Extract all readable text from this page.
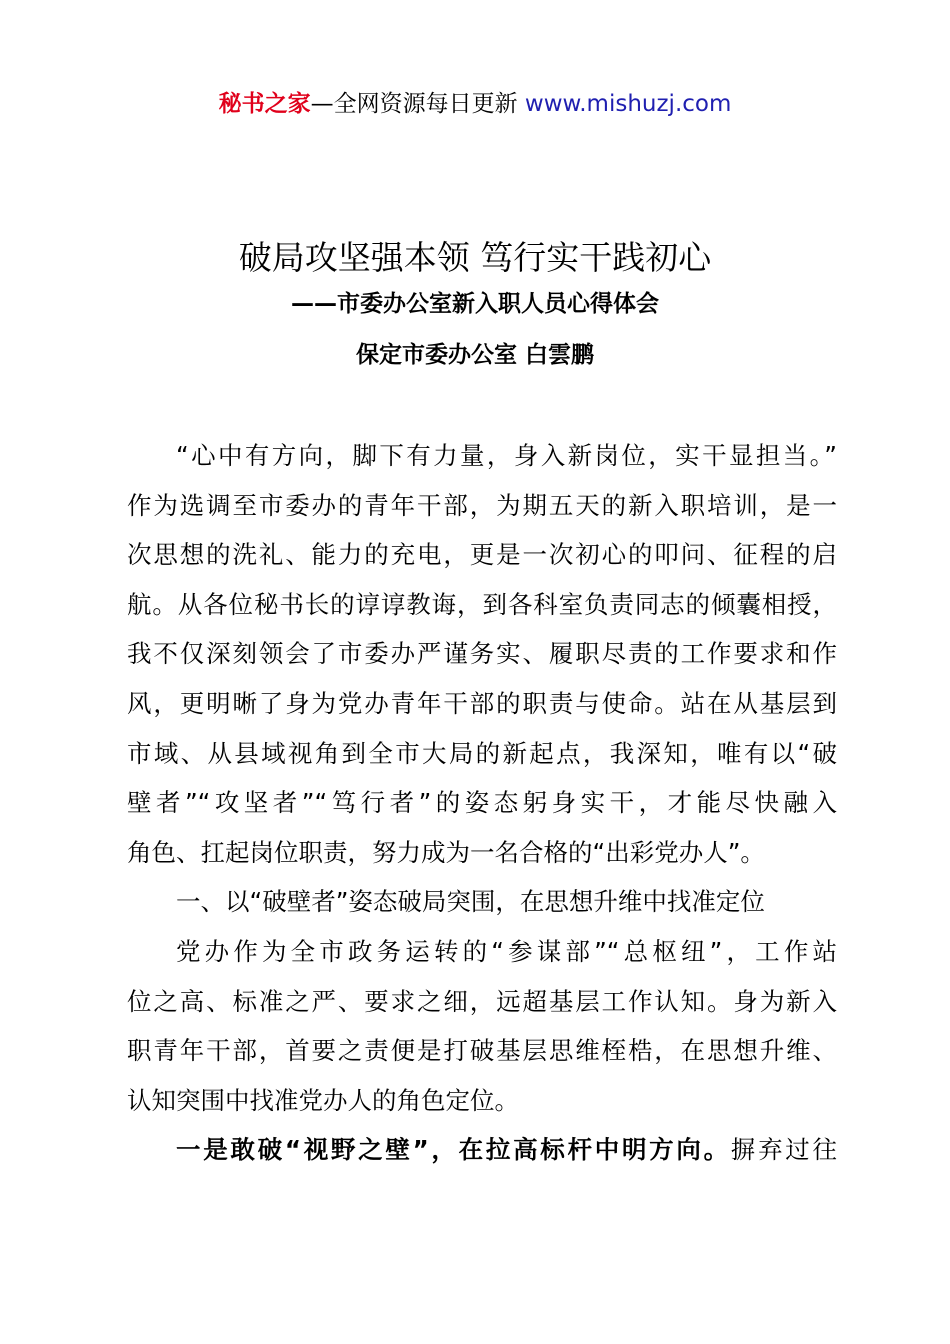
秘书之家—全网资源每日更新 www.mishuzj.com
破局攻坚强本领 笃行实干践初心
——市委办公室新入职人员心得体会
保定市委办公室 白雲鹏
“心中有方向，脚下有力量，身入新岗位，实干显担当。”
作为选调至市委办的青年干部，为期五天的新入职培训，是一
次思想的洗礼、能力的充电，更是一次初心的叩问、征程的启
航。从各位秘书长的谆谆教诲，到各科室负责同志的倾囊相授，
我不仅深刻领会了市委办严谨务实、履职尽责的工作要求和作
风，更明晰了身为党办青年干部的职责与使命。站在从基层到
市域、从县域视角到全市大局的新起点，我深知，唯有以“破
壁者”“攻坚者”“笃行者”的姿态躬身实干，才能尽快融入
角色、扛起岗位职责，努力成为一名合格的“出彩党办人”。
一、以“破壁者”姿态破局突围，在思想升维中找准定位
党办作为全市政务运转的“参谋部”“总枢纽”，工作站
位之高、标准之严、要求之细，远超基层工作认知。身为新入
职青年干部，首要之责便是打破基层思维桎梏，在思想升维、
认知突围中找准党办人的角色定位。
一是敢破“视野之壁”，在拉高标杆中明方向。摒弃过往
